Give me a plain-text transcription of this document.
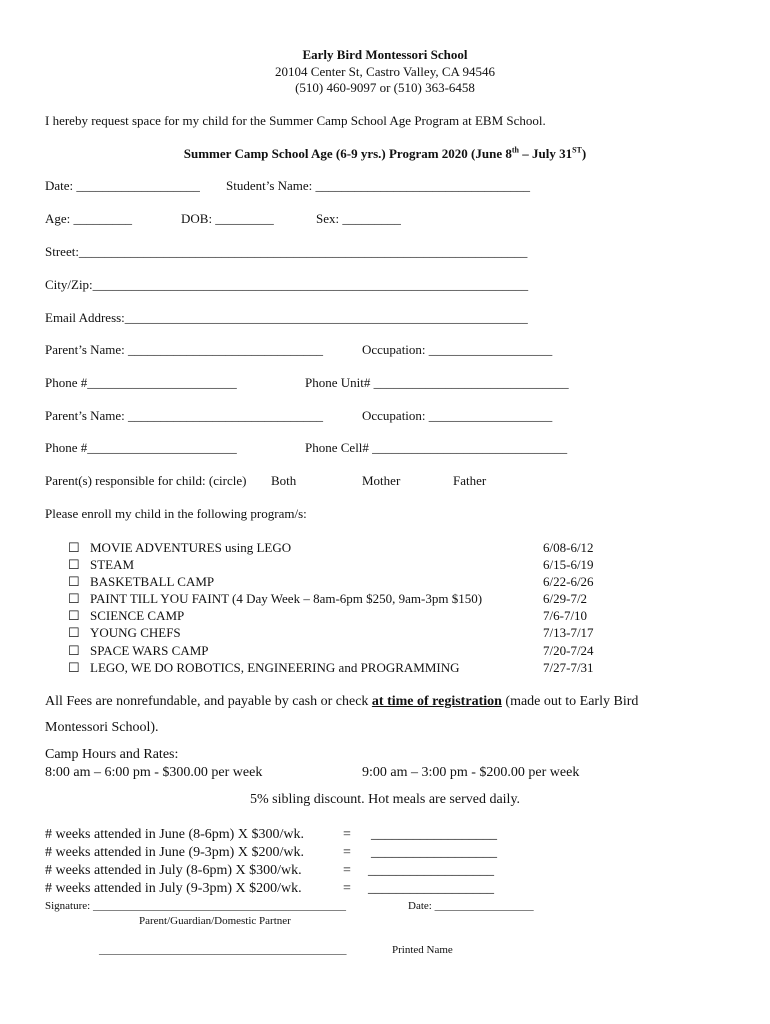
Early Bird Montessori School
20104 Center St, Castro Valley, CA 94546
(510) 460-9097 or (510) 363-6458
I hereby request space for my child for the Summer Camp School Age Program at EBM School.
Summer Camp School Age (6-9 yrs.) Program 2020 (June 8th – July 31ST)
Date: ___________________ Student’s Name: _________________________________
Age: _________	DOB: _________	Sex: _________
Street:_____________________________________________________________________
City/Zip:___________________________________________________________________
Email Address:______________________________________________________________
Parent’s Name: ______________________________	Occupation: ___________________
Phone #_______________________	Phone Unit# ______________________________
Parent’s Name: ______________________________	Occupation: ___________________
Phone #_______________________	Phone Cell# ______________________________
Parent(s) responsible for child: (circle) Both	Mother	Father
Please enroll my child in the following program/s:
☐ MOVIE ADVENTURES using LEGO	6/08-6/12
☐ STEAM	6/15-6/19
☐ BASKETBALL CAMP	6/22-6/26
☐ PAINT TILL YOU FAINT (4 Day Week – 8am-6pm $250, 9am-3pm $150)	6/29-7/2
☐ SCIENCE CAMP	7/6-7/10
☐ YOUNG CHEFS	7/13-7/17
☐ SPACE WARS CAMP	7/20-7/24
☐ LEGO, WE DO ROBOTICS, ENGINEERING and PROGRAMMING	7/27-7/31
All Fees are nonrefundable, and payable by cash or check at time of registration (made out to Early Bird
Montessori School).
Camp Hours and Rates:
8:00 am – 6:00 pm - $300.00 per week	9:00 am – 3:00 pm - $200.00 per week
5% sibling discount. Hot meals are served daily.
# weeks attended in June (8-6pm) X $300/wk.	= __________________
# weeks attended in June (9-3pm) X $200/wk.	= __________________
# weeks attended in July (8-6pm) X $300/wk.	= __________________
# weeks attended in July (9-3pm) X $200/wk.	= __________________
Signature: ______________________________________________	Date: __________________
Parent/Guardian/Domestic Partner
_____________________________________________	Printed Name
